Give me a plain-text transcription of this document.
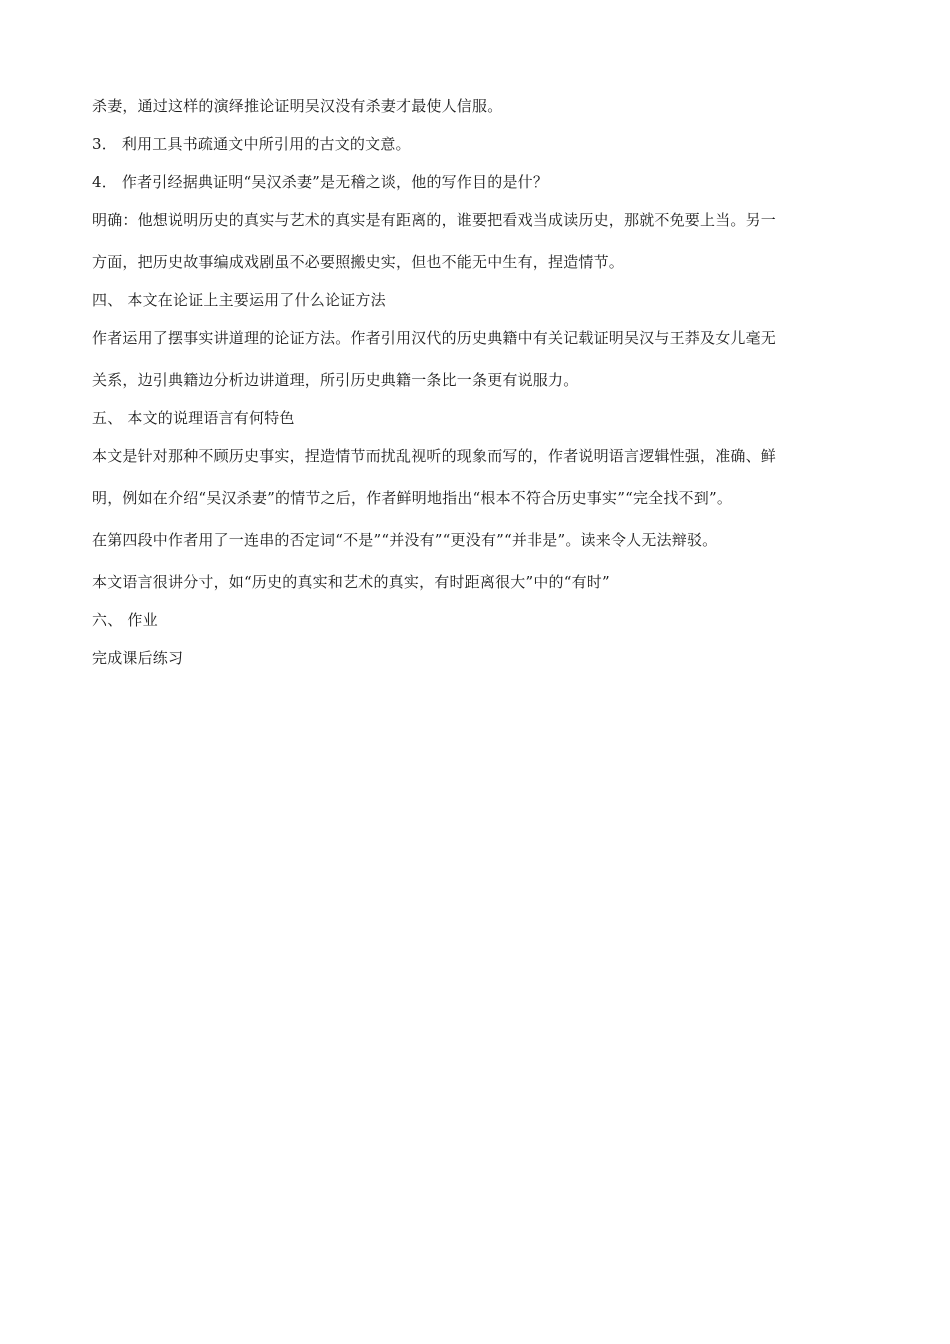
杀妻，通过这样的演绎推论证明吴汉没有杀妻才最使人信服。
3． 利用工具书疏通文中所引用的古文的文意。
4． 作者引经据典证明“吴汉杀妻”是无稽之谈，他的写作目的是什？
明确：他想说明历史的真实与艺术的真实是有距离的，谁要把看戏当成读历史，那就不免要上当。另一
方面，把历史故事编成戏剧虽不必要照搬史实，但也不能无中生有，捏造情节。
四、 本文在论证上主要运用了什么论证方法
作者运用了摆事实讲道理的论证方法。作者引用汉代的历史典籍中有关记载证明吴汉与王莽及女儿毫无
关系，边引典籍边分析边讲道理，所引历史典籍一条比一条更有说服力。
五、 本文的说理语言有何特色
本文是针对那种不顾历史事实，捏造情节而扰乱视听的现象而写的，作者说明语言逻辑性强，准确、鲜
明，例如在介绍“吴汉杀妻”的情节之后，作者鲜明地指出“根本不符合历史事实”“完全找不到”。
在第四段中作者用了一连串的否定词“不是”“并没有”“更没有”“并非是”。读来令人无法辩驳。
本文语言很讲分寸，如“历史的真实和艺术的真实，有时距离很大”中的“有时”
六、 作业
完成课后练习
